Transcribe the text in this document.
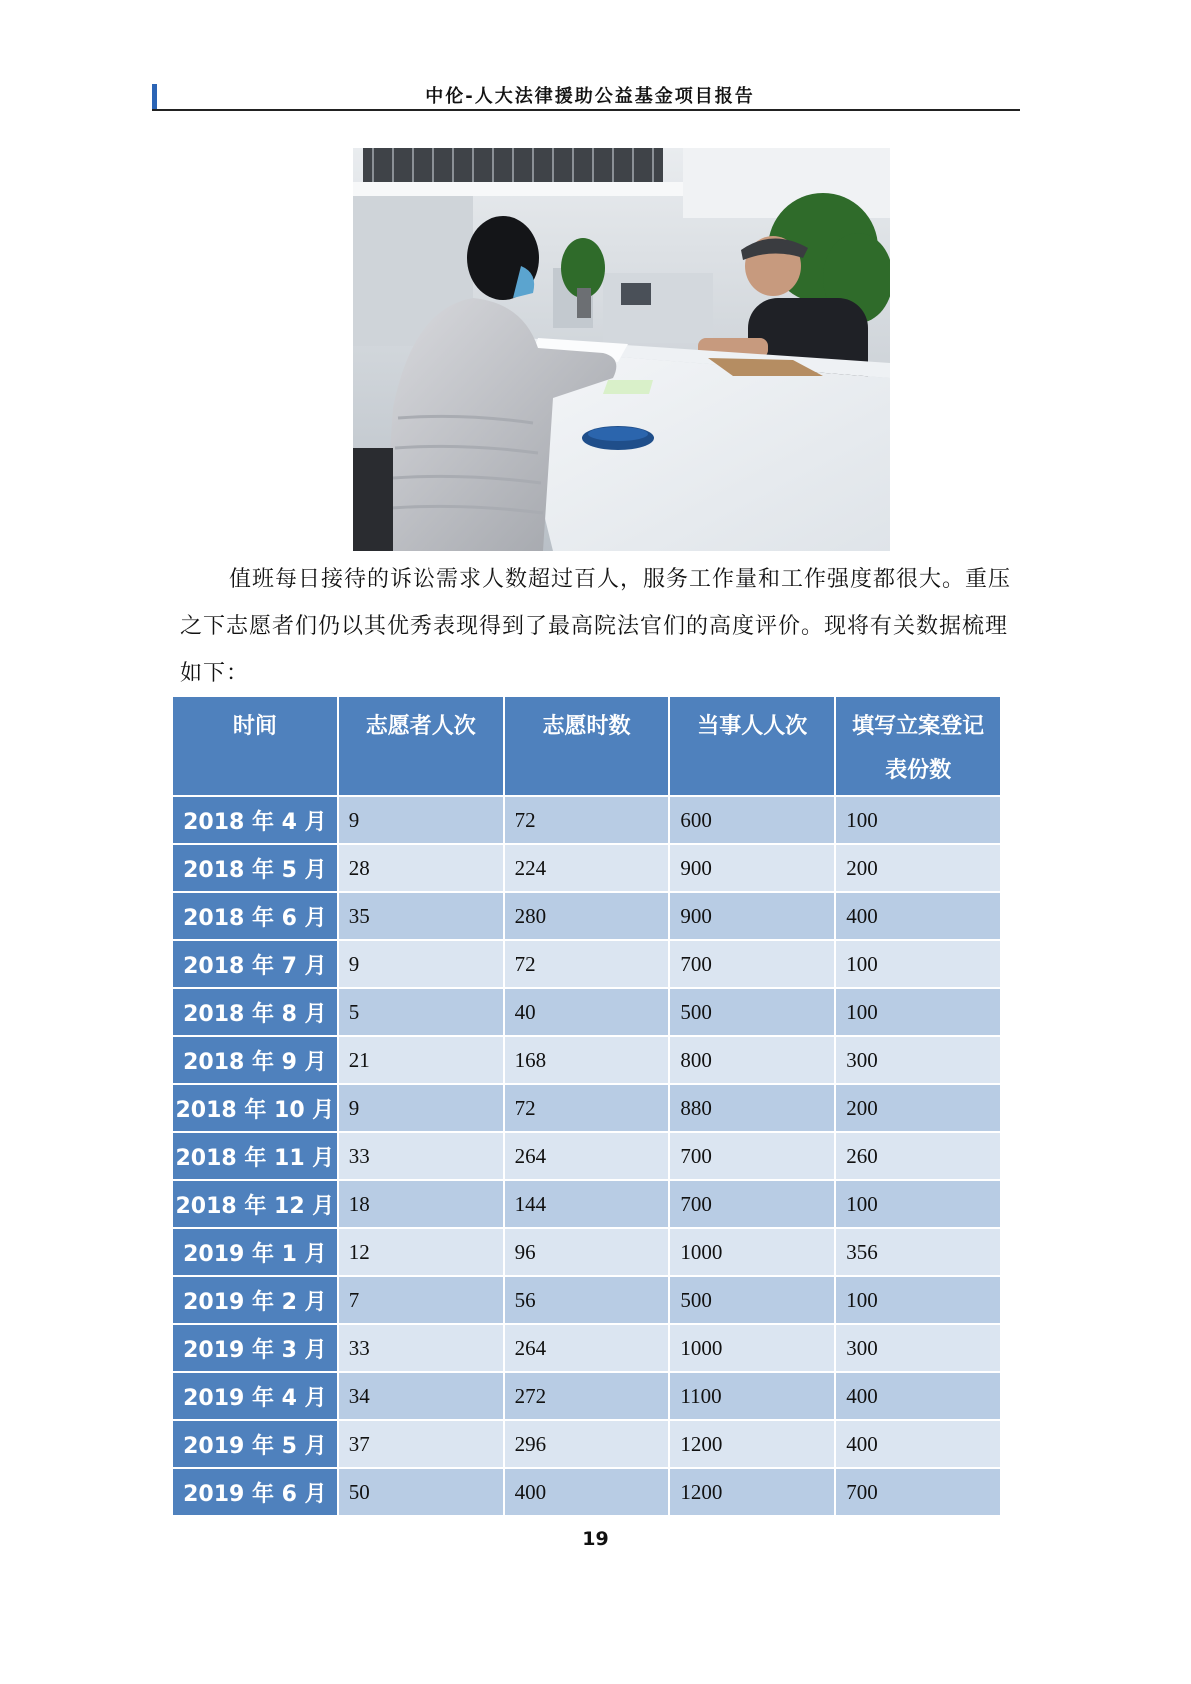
中伦-人大法律援助公益基金项目报告

值班每日接待的诉讼需求人数超过百人，服务工作量和工作强度都很大。重压之下志愿者们仍以其优秀表现得到了最高院法官们的高度评价。现将有关数据梳理如下：

时间	志愿者人次	志愿时数	当事人人次	填写立案登记表份数
2018 年 4 月	9	72	600	100
2018 年 5 月	28	224	900	200
2018 年 6 月	35	280	900	400
2018 年 7 月	9	72	700	100
2018 年 8 月	5	40	500	100
2018 年 9 月	21	168	800	300
2018 年 10 月	9	72	880	200
2018 年 11 月	33	264	700	260
2018 年 12 月	18	144	700	100
2019 年 1 月	12	96	1000	356
2019 年 2 月	7	56	500	100
2019 年 3 月	33	264	1000	300
2019 年 4 月	34	272	1100	400
2019 年 5 月	37	296	1200	400
2019 年 6 月	50	400	1200	700
19
